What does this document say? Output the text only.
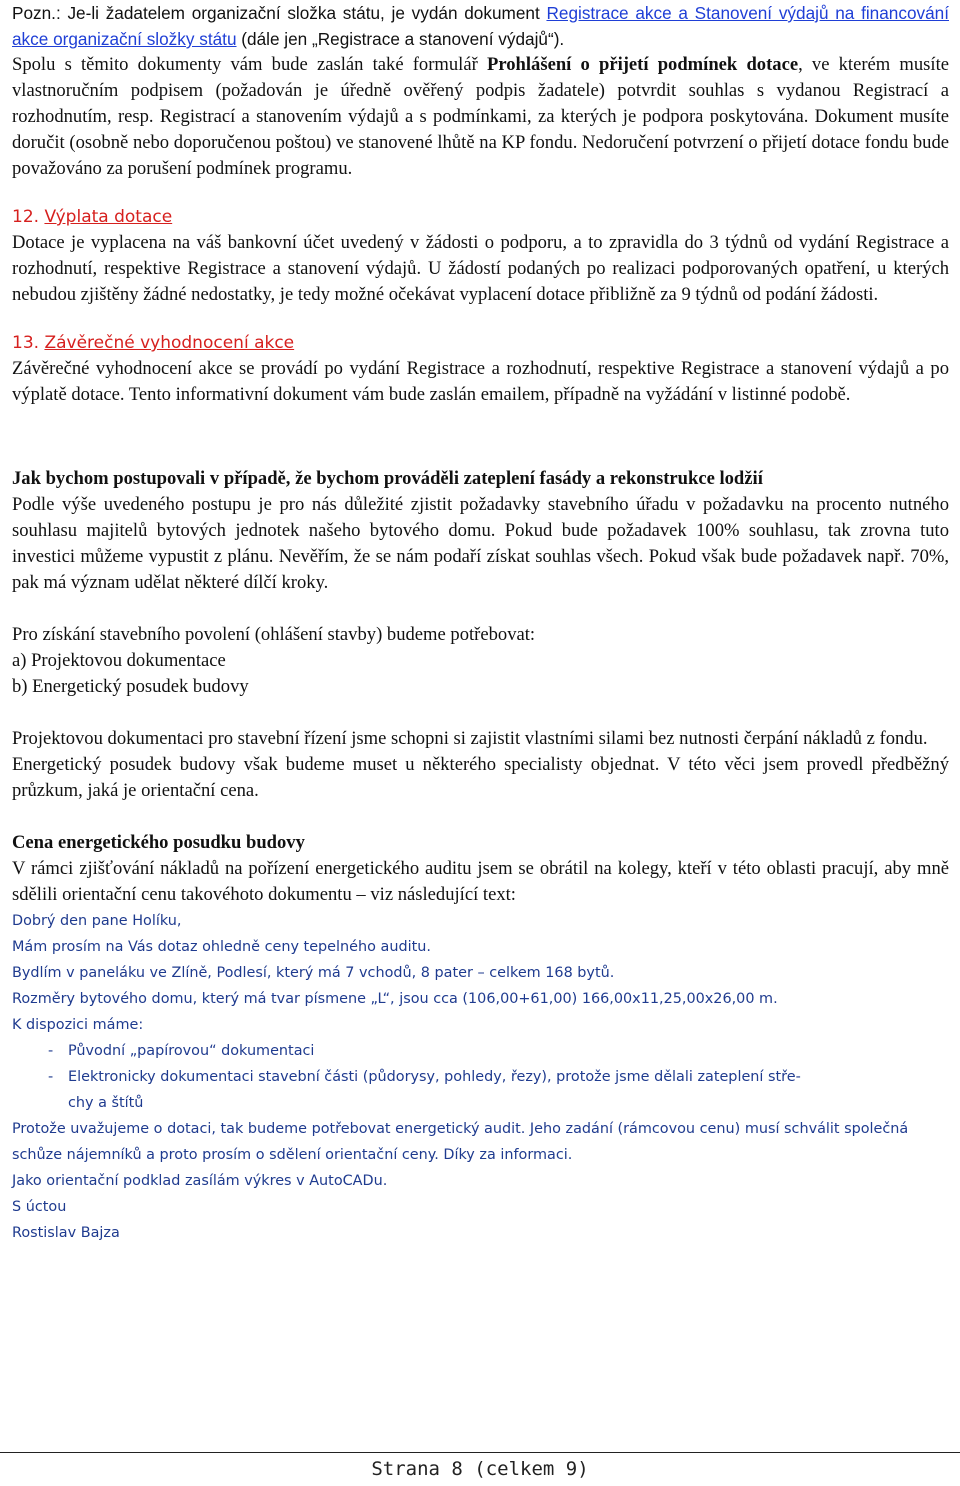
Pozn.: Je-li žadatelem organizační složka státu, je vydán dokument Registrace akce a Stanovení výdajů na financování akce organizační složky státu (dále jen „Registrace a stanovení výdajů“).

Spolu s těmito dokumenty vám bude zaslán také formulář Prohlášení o přijetí podmínek dotace, ve kterém musíte vlastnoručním podpisem (požadován je úředně ověřený podpis žadatele) potvrdit souhlas s vydanou Registrací a rozhodnutím, resp. Registrací a stanovením výdajů a s podmínkami, za kterých je podpora poskytována. Dokument musíte doručit (osobně nebo doporučenou poštou) ve stanovené lhůtě na KP fondu. Nedoručení potvrzení o přijetí dotace fondu bude považováno za porušení podmínek programu.

12. Výplata dotace

Dotace je vyplacena na váš bankovní účet uvedený v žádosti o podporu, a to zpravidla do 3 týdnů od vydání Registrace a rozhodnutí, respektive Registrace a stanovení výdajů. U žádostí podaných po realizaci podporovaných opatření, u kterých nebudou zjištěny žádné nedostatky, je tedy možné očekávat vyplacení dotace přibližně za 9 týdnů od podání žádosti.

13. Závěrečné vyhodnocení akce

Závěrečné vyhodnocení akce se provádí po vydání Registrace a rozhodnutí, respektive Registrace a stanovení výdajů a po výplatě dotace. Tento informativní dokument vám bude zaslán emailem, případně na vyžádání v listinné podobě.

Jak bychom postupovali v případě, že bychom prováděli zateplení fasády a rekonstrukce lodžií

Podle výše uvedeného postupu je pro nás důležité zjistit požadavky stavebního úřadu v požadavku na procento nutného souhlasu majitelů bytových jednotek našeho bytového domu. Pokud bude požadavek 100% souhlasu, tak zrovna tuto investici můžeme vypustit z plánu. Nevěřím, že se nám podaří získat souhlas všech. Pokud však bude požadavek např. 70%, pak má význam udělat některé dílčí kroky.

Pro získání stavebního povolení (ohlášení stavby) budeme potřebovat:

a) Projektovou dokumentace

b) Energetický posudek budovy

Projektovou dokumentaci pro stavební řízení jsme schopni si zajistit vlastními silami bez nutnosti čerpání nákladů z fondu.

Energetický posudek budovy však budeme muset u některého specialisty objednat. V této věci jsem provedl předběžný průzkum, jaká je orientační cena.

Cena energetického posudku budovy

V rámci zjišťování nákladů na pořízení energetického auditu jsem se obrátil na kolegy, kteří v této oblasti pracují, aby mně sdělili orientační cenu takovéhoto dokumentu – viz následující text:

Dobrý den pane Holíku,

Mám prosím na Vás dotaz ohledně ceny tepelného auditu.

Bydlím v paneláku ve Zlíně, Podlesí, který má 7 vchodů, 8 pater – celkem 168 bytů.

Rozměry bytového domu, který má tvar písmene „L“, jsou cca (106,00+61,00) 166,00x11,25,00x26,00 m.

K dispozici máme:

- Původní „papírovou“ dokumentaci
- Elektronicky dokumentaci stavební části (půdorysy, pohledy, řezy), protože jsme dělali zateplení stře-
chy a štítů

Protože uvažujeme o dotaci, tak budeme potřebovat energetický audit. Jeho zadání (rámcovou cenu) musí schválit společná schůze nájemníků a proto prosím o sdělení orientační ceny. Díky za informaci.

Jako orientační podklad zasílám výkres v AutoCADu.

S úctou

Rostislav Bajza

Strana 8 (celkem 9)
